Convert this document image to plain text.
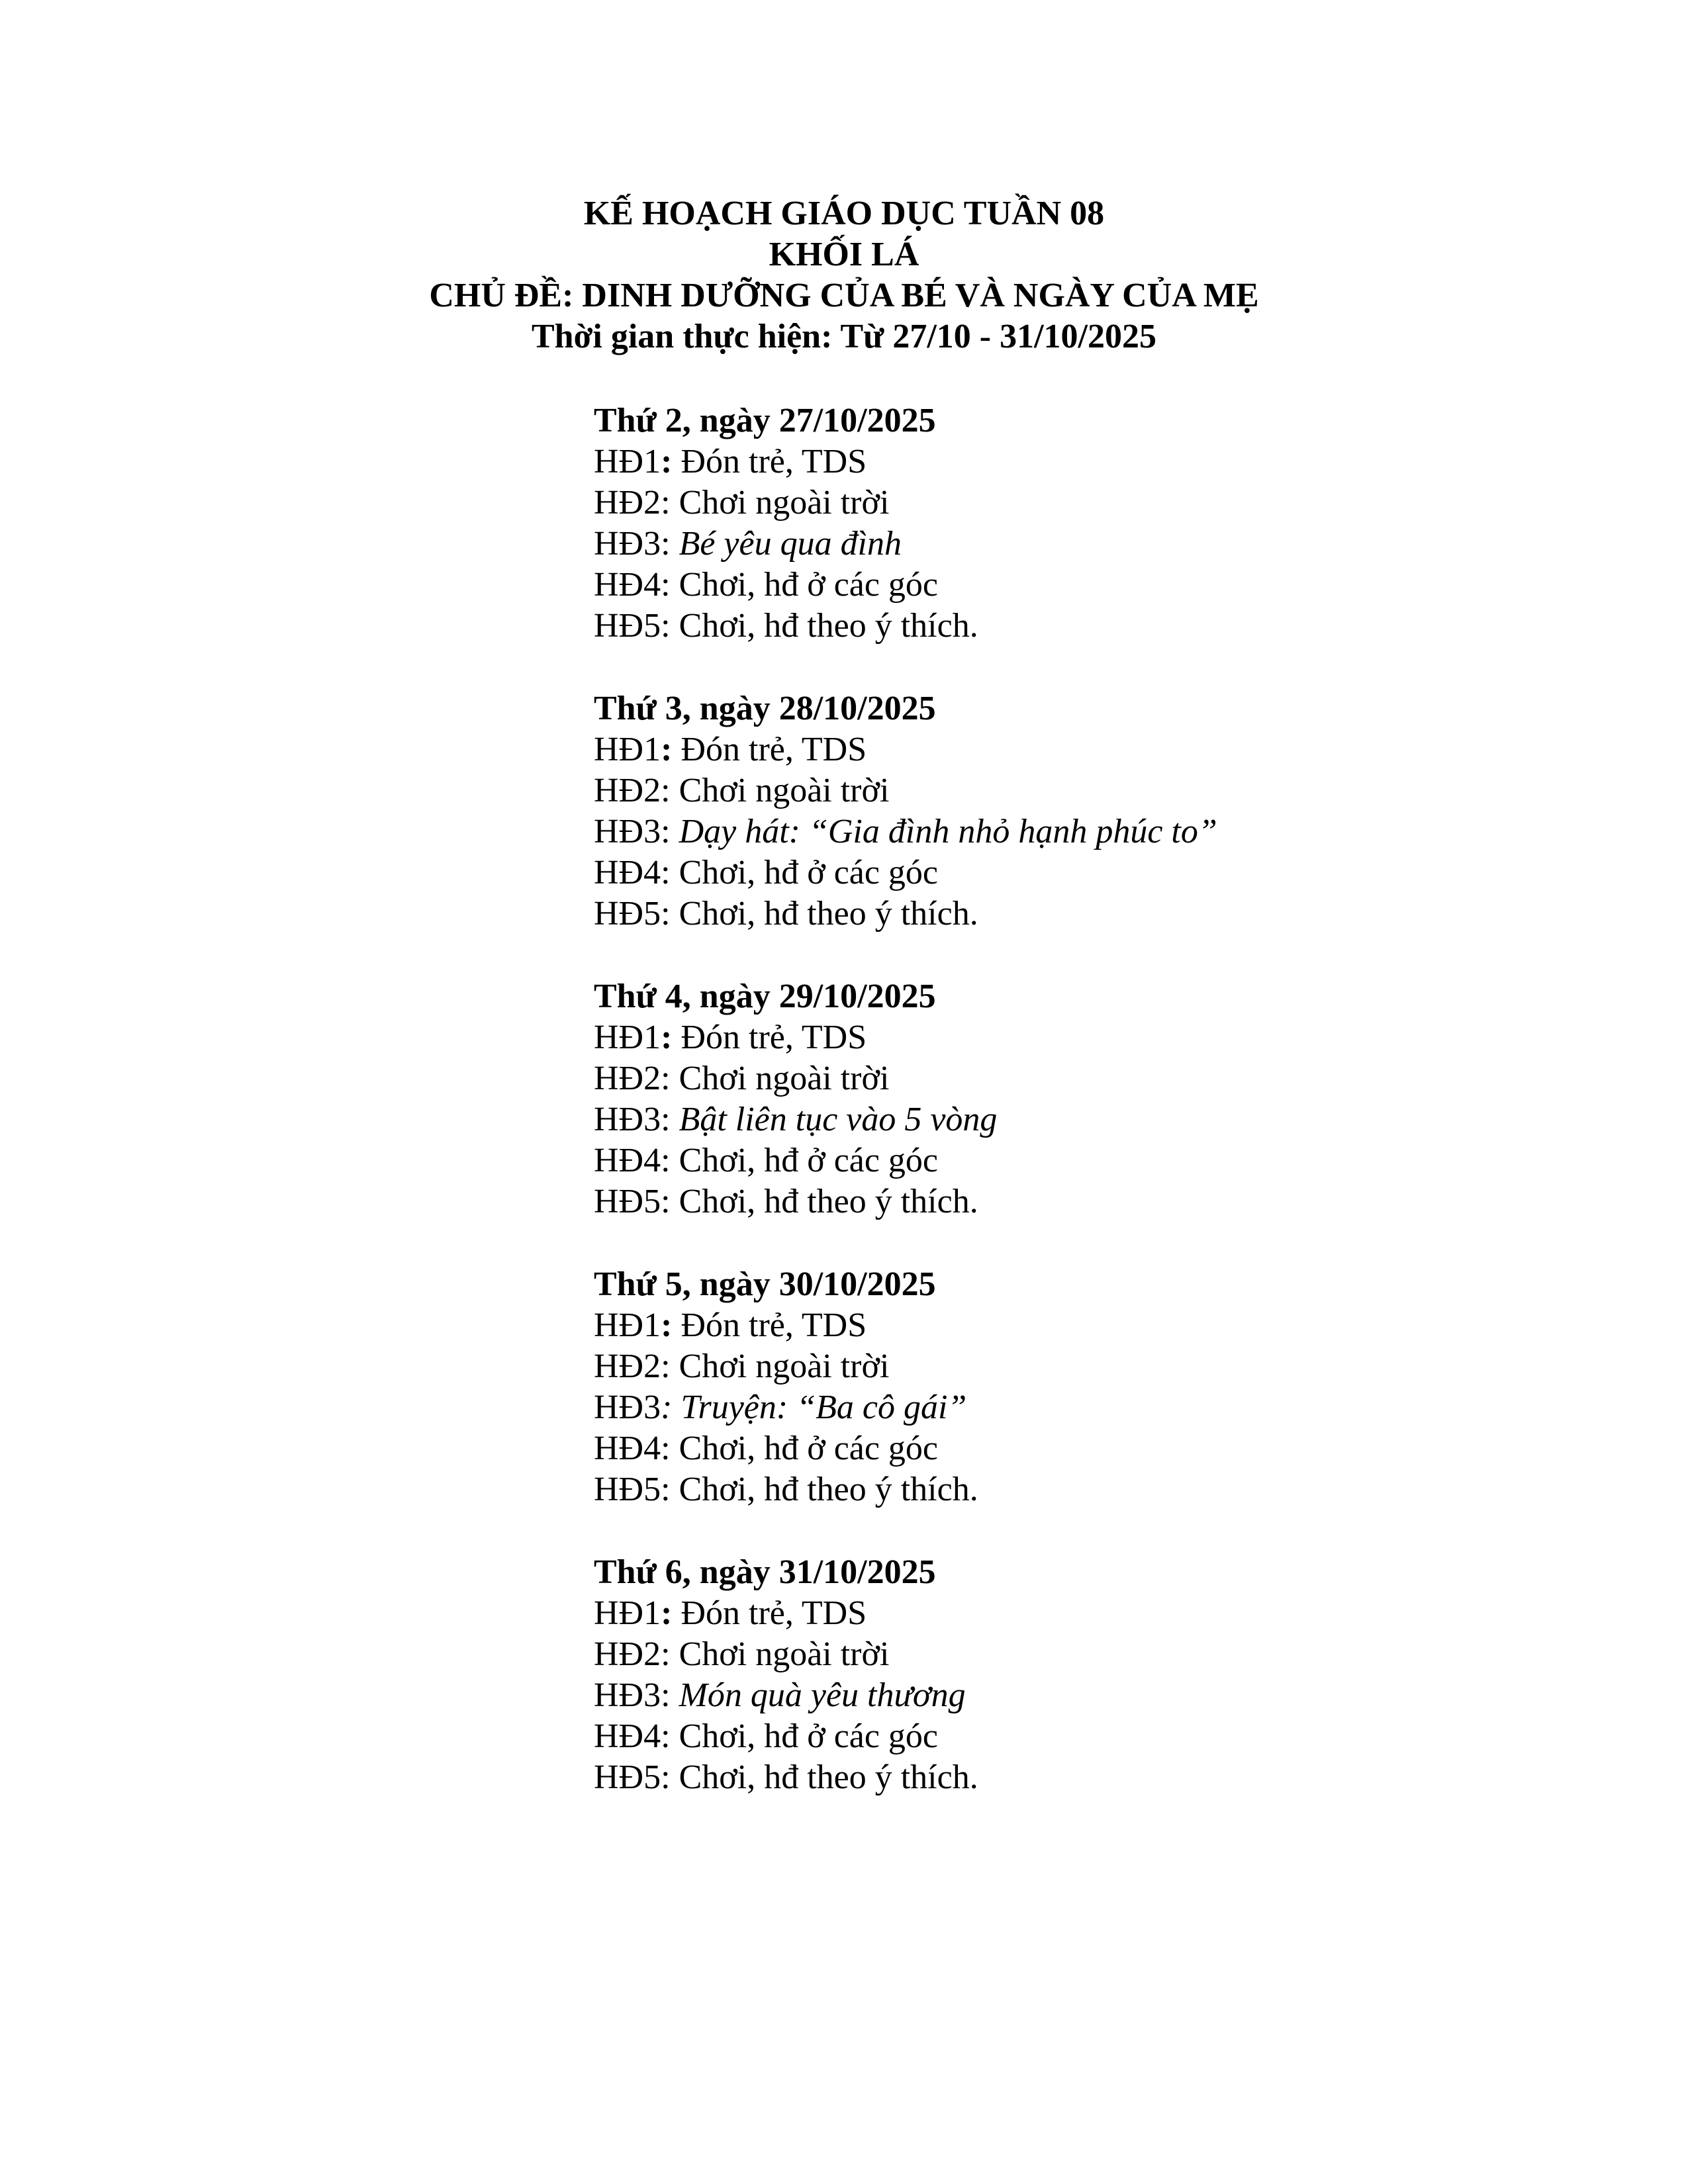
KẾ HOẠCH GIÁO DỤC TUẦN 08
KHỐI LÁ
CHỦ ĐỀ: DINH DƯỠNG CỦA BÉ VÀ NGÀY CỦA MẸ
Thời gian thực hiện: Từ 27/10 - 31/10/2025
Thứ 2, ngày 27/10/2025
HĐ1: Đón trẻ, TDS
HĐ2: Chơi ngoài trời
HĐ3: Bé yêu qua đình
HĐ4: Chơi, hđ ở các góc
HĐ5: Chơi, hđ theo ý thích.
Thứ 3, ngày 28/10/2025
HĐ1: Đón trẻ, TDS
HĐ2: Chơi ngoài trời
HĐ3: Dạy hát: “Gia đình nhỏ hạnh phúc to”
HĐ4: Chơi, hđ ở các góc
HĐ5: Chơi, hđ theo ý thích.
Thứ 4, ngày 29/10/2025
HĐ1: Đón trẻ, TDS
HĐ2: Chơi ngoài trời
HĐ3: Bật liên tục vào 5 vòng
HĐ4: Chơi, hđ ở các góc
HĐ5: Chơi, hđ theo ý thích.
Thứ 5, ngày 30/10/2025
HĐ1: Đón trẻ, TDS
HĐ2: Chơi ngoài trời
HĐ3: Truyện: “Ba cô gái”
HĐ4: Chơi, hđ ở các góc
HĐ5: Chơi, hđ theo ý thích.
Thứ 6, ngày 31/10/2025
HĐ1: Đón trẻ, TDS
HĐ2: Chơi ngoài trời
HĐ3: Món quà yêu thương
HĐ4: Chơi, hđ ở các góc
HĐ5: Chơi, hđ theo ý thích.
